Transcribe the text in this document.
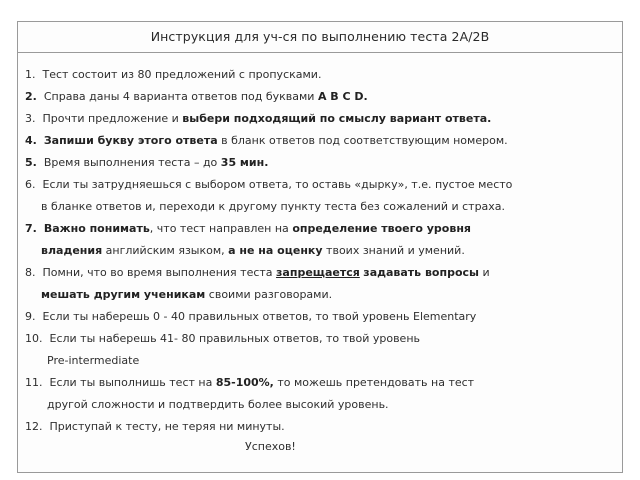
Инструкция для уч-ся по выполнению теста 2А/2В
1. Тест состоит из 80 предложений с пропусками.
2. Справа даны 4 варианта ответов под буквами A B C D.
3. Прочти предложение и выбери подходящий по смыслу вариант ответа.
4. Запиши букву этого ответа в бланк ответов под соответствующим номером.
5. Время выполнения теста – до 35 мин.
6. Если ты затрудняешься с выбором ответа, то оставь «дырку», т.е. пустое место
в бланке ответов и, переходи к другому пункту теста без сожалений и страха.
7. Важно понимать, что тест направлен на определение твоего уровня
владения английским языком, а не на оценку твоих знаний и умений.
8. Помни, что во время выполнения теста запрещается задавать вопросы и
мешать другим ученикам своими разговорами.
9. Если ты наберешь 0 - 40 правильных ответов, то твой уровень Elementary
10. Если ты наберешь 41- 80 правильных ответов, то твой уровень
Pre-intermediate
11. Если ты выполнишь тест на 85-100%, то можешь претендовать на тест
другой сложности и подтвердить более высокий уровень.
12. Приступай к тесту, не теряя ни минуты.
Успехов!
